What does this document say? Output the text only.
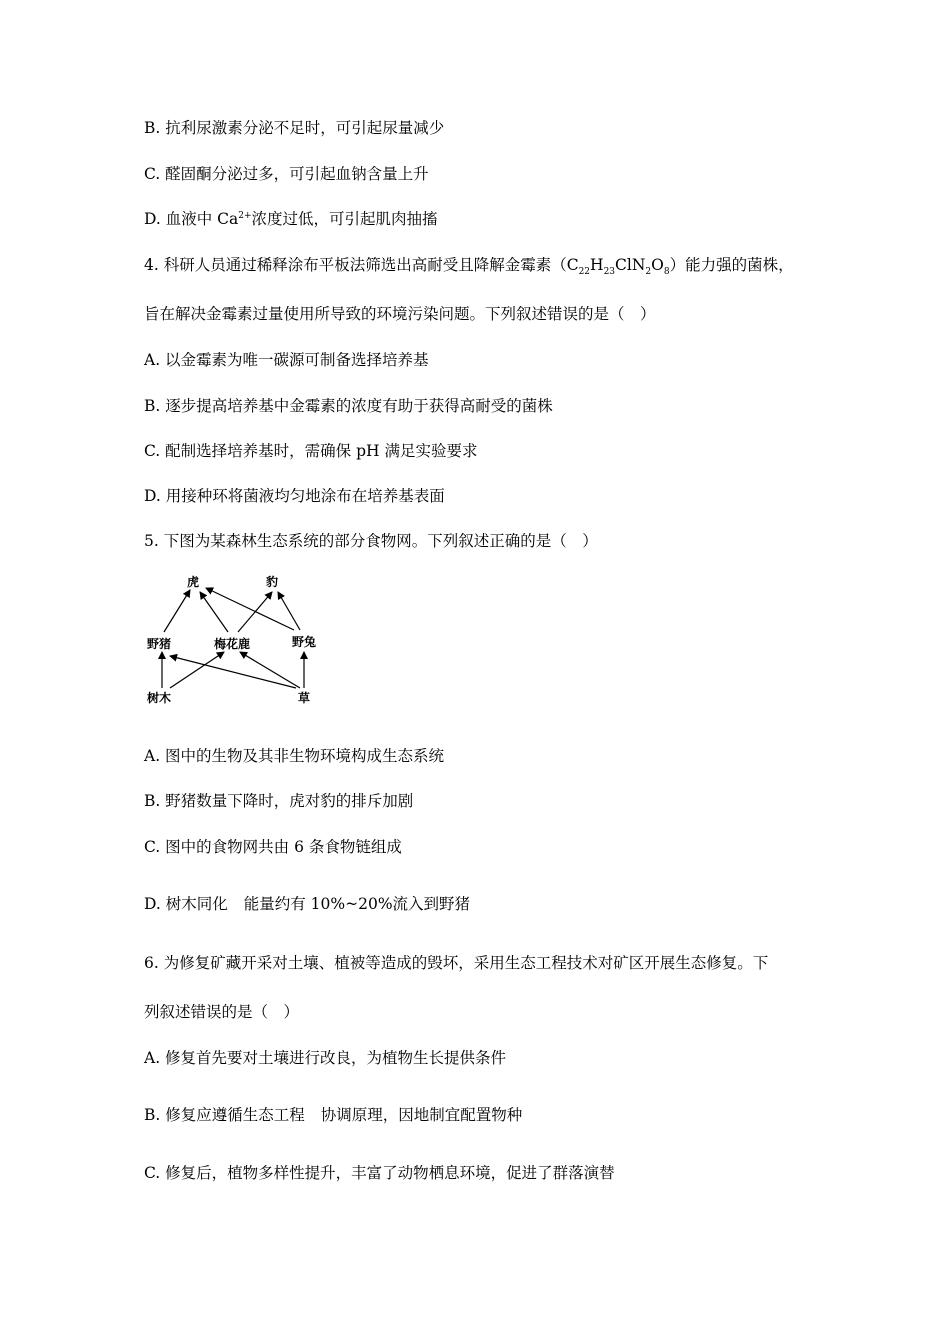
B. 抗利尿激素分泌不足时，可引起尿量减少
C. 醛固酮分泌过多，可引起血钠含量上升
D. 血液中 $Ca^{2+}$浓度过低，可引起肌肉抽搐
4. 科研人员通过稀释涂布平板法筛选出高耐受且降解金霉素$(C_{22}H_{23}ClN_2O_8)$能力强的菌株，
旨在解决金霉素过量使用所导致的环境污染问题。下列叙述错误的是（　）
A. 以金霉素为唯一碳源可制备选择培养基
B. 逐步提高培养基中金霉素的浓度有助于获得高耐受的菌株
C. 配制选择培养基时，需确保 pH 满足实验要求
D. 用接种环将菌液均匀地涂布在培养基表面
5. 下图为某森林生态系统的部分食物网。下列叙述正确的是（　）
虎	豹
野猪	梅花鹿	野兔
树木	草
A. 图中的生物及其非生物环境构成生态系统
B. 野猪数量下降时，虎对豹的排斥加剧
C. 图中的食物网共由 6 条食物链组成
D. 树木同化 能量约有 10%~20%流入到野猪
6. 为修复矿藏开采对土壤、植被等造成的毁坏，采用生态工程技术对矿区开展生态修复。下
列叙述错误的是（　）
A. 修复首先要对土壤进行改良，为植物生长提供条件
B. 修复应遵循生态工程 协调原理，因地制宜配置物种
C. 修复后，植物多样性提升，丰富了动物栖息环境，促进了群落演替
